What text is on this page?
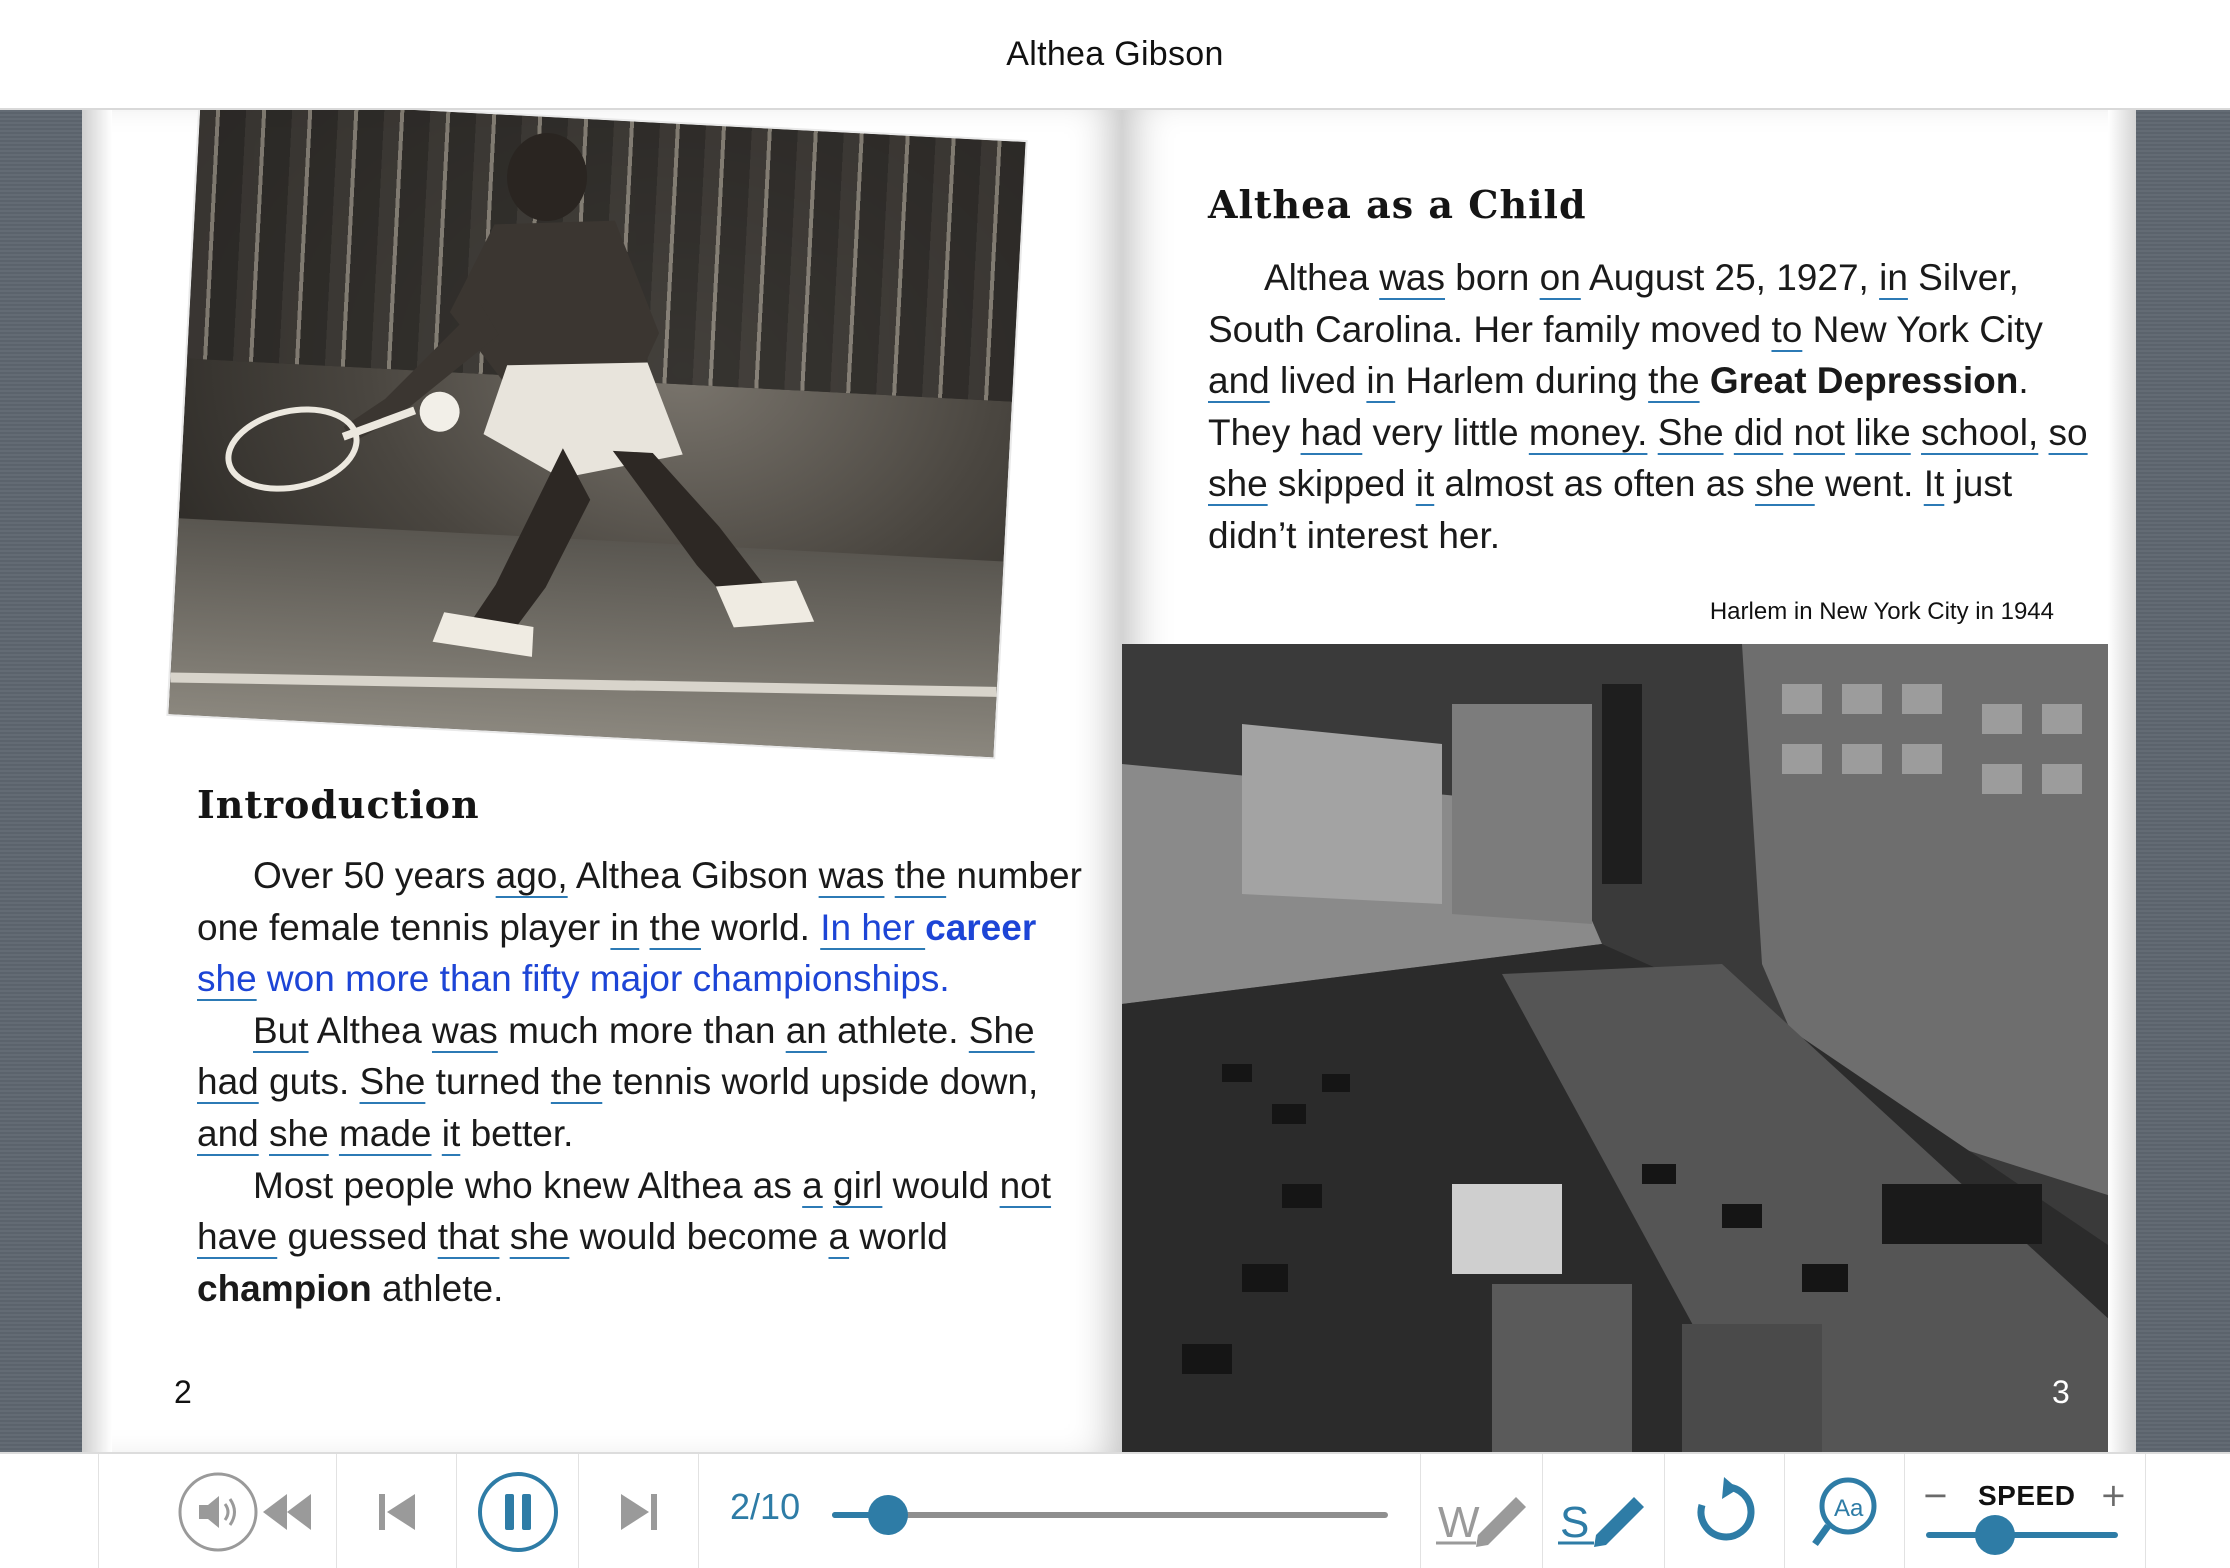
Althea Gibson
Introduction

Over 50 years ago, Althea Gibson was the number one female tennis player in the world. In her career she won more than fifty major championships.

But Althea was much more than an athlete. She had guts. She turned the tennis world upside down, and she made it better.

Most people who knew Althea as a girl would not have guessed that she would become a world champion athlete.

2
Althea as a Child

Althea was born on August 25, 1927, in Silver, South Carolina. Her family moved to New York City and lived in Harlem during the Great Depression. They had very little money. She did not like school, so she skipped it almost as often as she went. It just didn’t interest her.

Harlem in New York City in 1944
3
2/10	W S	Aa − SPEED +
